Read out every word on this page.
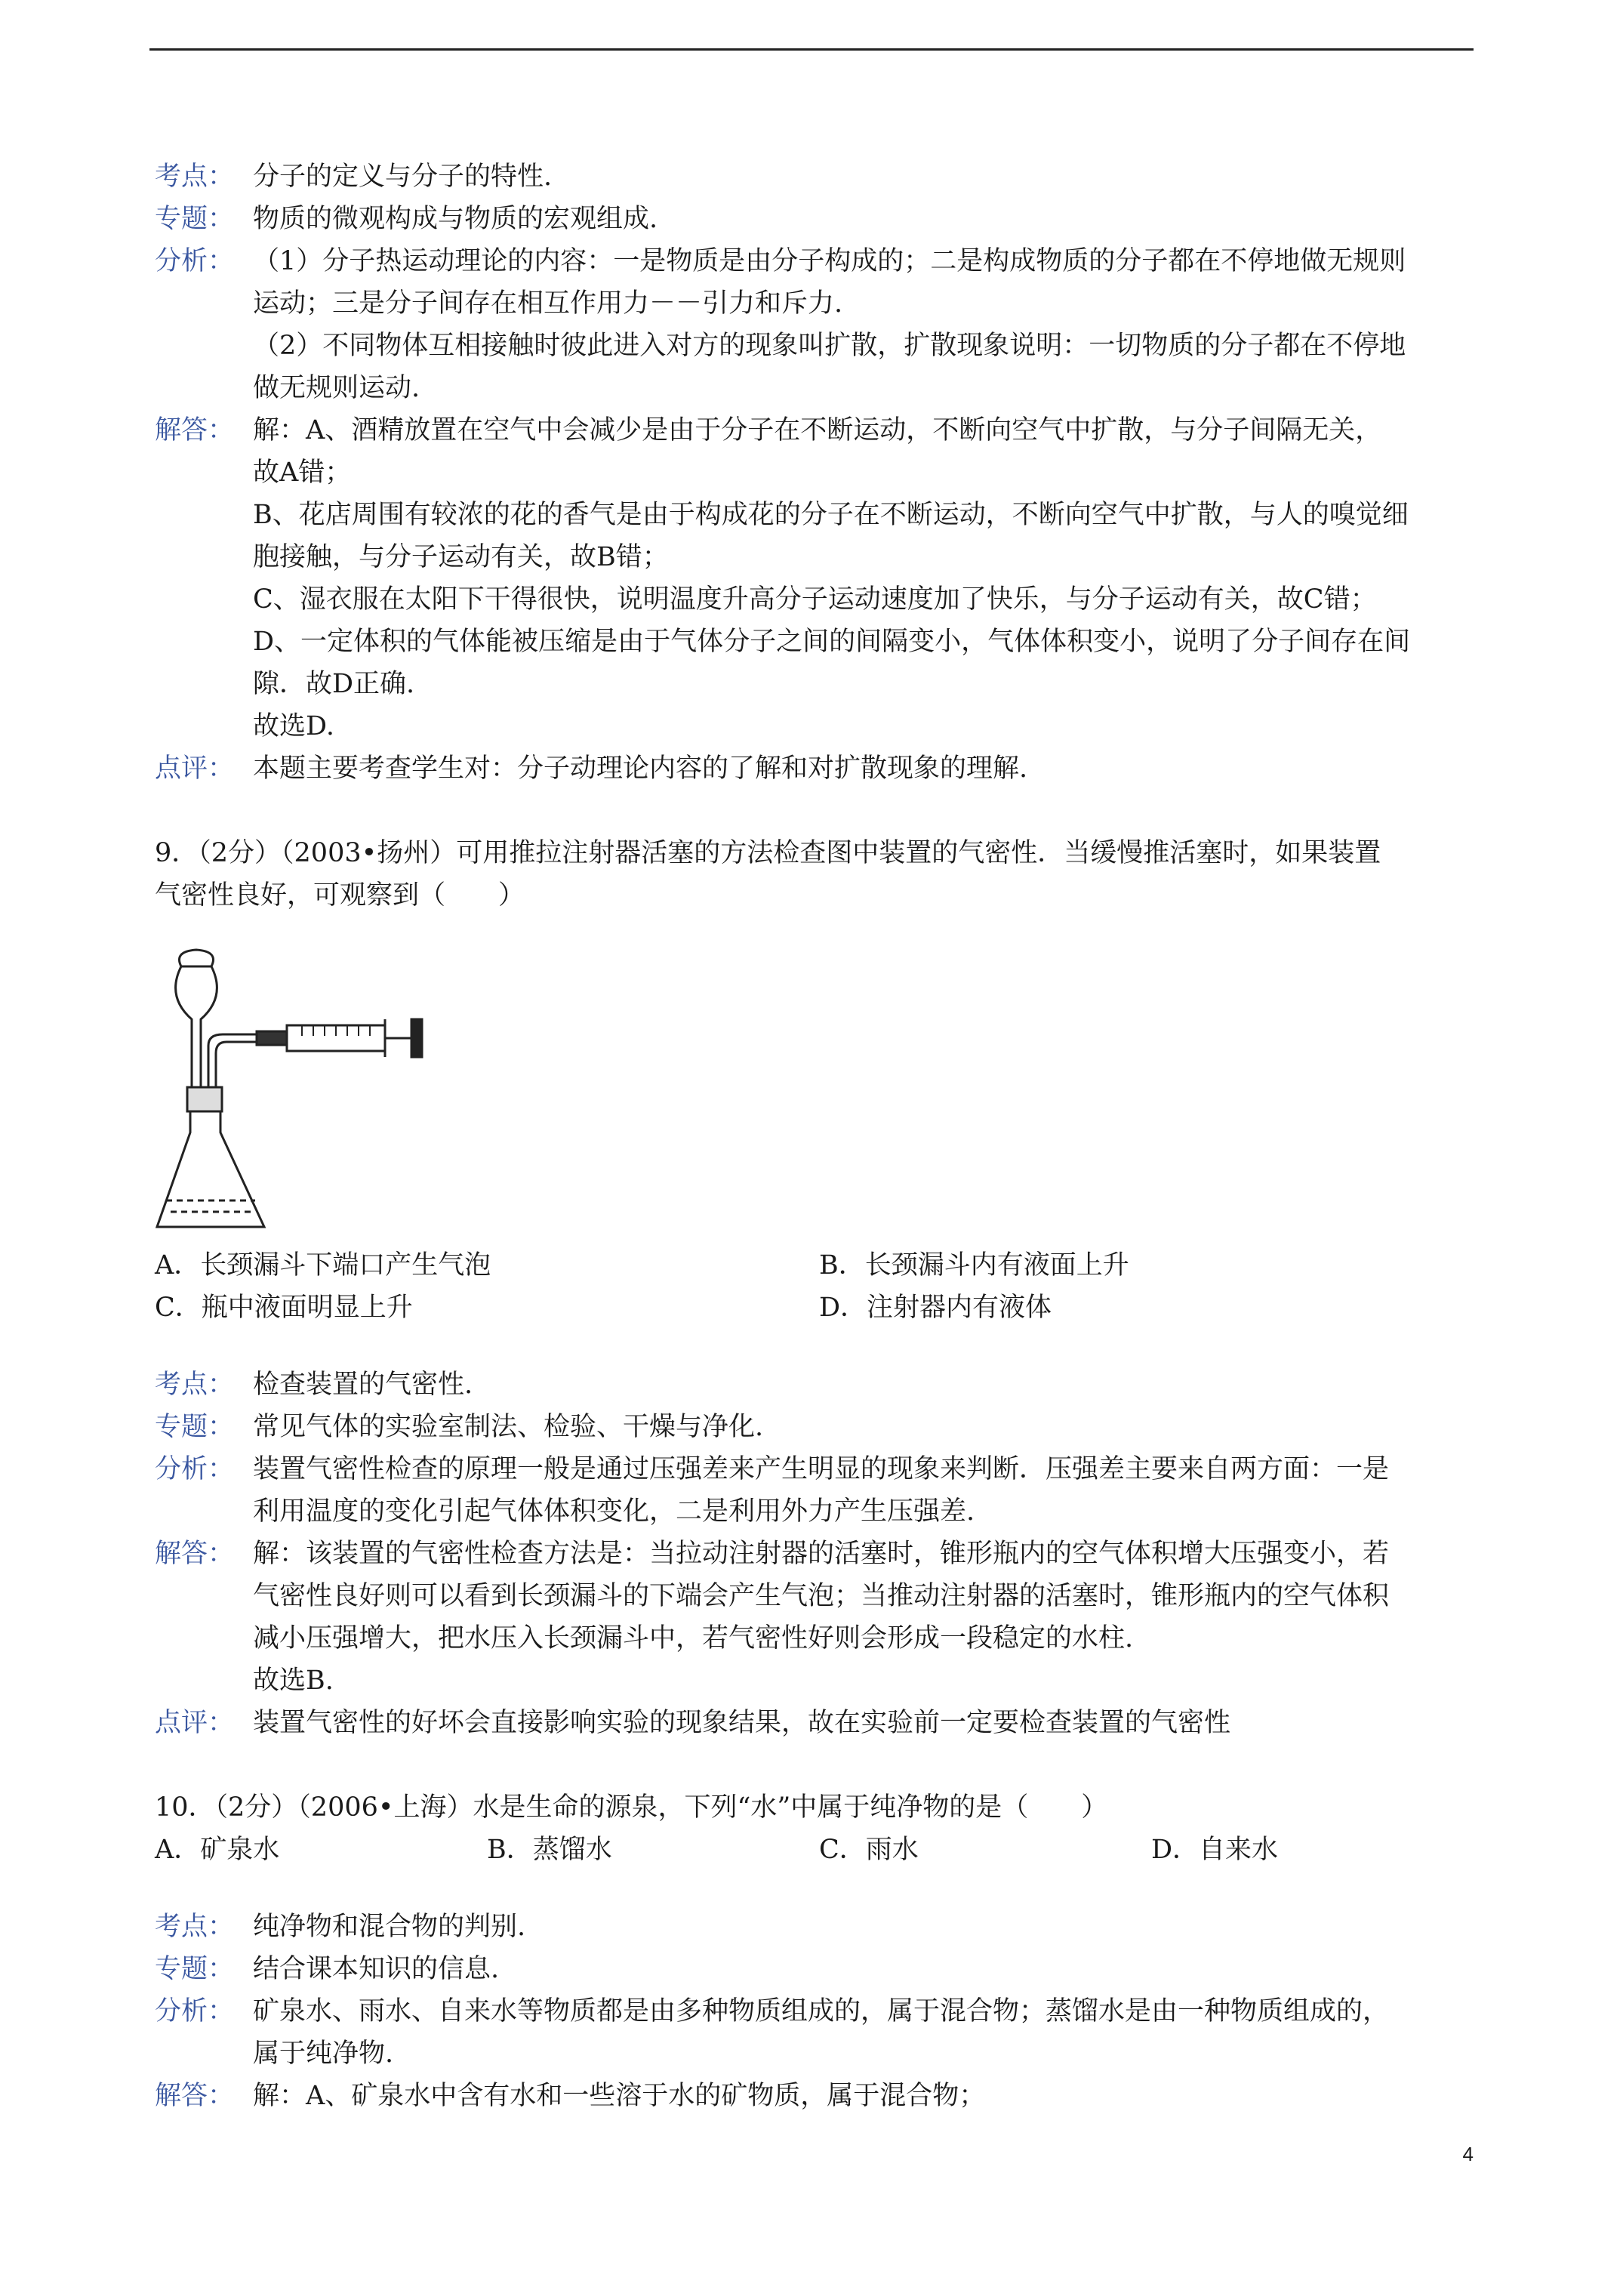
考点： 分子的定义与分子的特性.
专题： 物质的微观构成与物质的宏观组成.
分析： （1）分子热运动理论的内容：一是物质是由分子构成的；二是构成物质的分子都在不停地做无规则
运动；三是分子间存在相互作用力－－引力和斥力.
（2）不同物体互相接触时彼此进入对方的现象叫扩散，扩散现象说明：一切物质的分子都在不停地
做无规则运动.
解答： 解：A、酒精放置在空气中会减少是由于分子在不断运动，不断向空气中扩散，与分子间隔无关，
故A错；
B、花店周围有较浓的花的香气是由于构成花的分子在不断运动，不断向空气中扩散，与人的嗅觉细
胞接触，与分子运动有关，故B错；
C、湿衣服在太阳下干得很快，说明温度升高分子运动速度加了快乐，与分子运动有关，故C错；
D、一定体积的气体能被压缩是由于气体分子之间的间隔变小，气体体积变小，说明了分子间存在间
隙．故D正确.
故选D.
点评： 本题主要考查学生对：分子动理论内容的了解和对扩散现象的理解.
9．（2分）（2003•扬州）可用推拉注射器活塞的方法检查图中装置的气密性．当缓慢推活塞时，如果装置
气密性良好，可观察到（　　）
A．长颈漏斗下端口产生气泡	B．长颈漏斗内有液面上升
C．瓶中液面明显上升	D．注射器内有液体
考点： 检查装置的气密性.
专题： 常见气体的实验室制法、检验、干燥与净化.
分析： 装置气密性检查的原理一般是通过压强差来产生明显的现象来判断．压强差主要来自两方面：一是
利用温度的变化引起气体体积变化，二是利用外力产生压强差.
解答： 解：该装置的气密性检查方法是：当拉动注射器的活塞时，锥形瓶内的空气体积增大压强变小，若
气密性良好则可以看到长颈漏斗的下端会产生气泡；当推动注射器的活塞时，锥形瓶内的空气体积
减小压强增大，把水压入长颈漏斗中，若气密性好则会形成一段稳定的水柱.
故选B.
点评： 装置气密性的好坏会直接影响实验的现象结果，故在实验前一定要检查装置的气密性
10．（2分）（2006•上海）水是生命的源泉，下列“水”中属于纯净物的是（　　）
A．矿泉水	B．蒸馏水	C．雨水	D．自来水
考点： 纯净物和混合物的判别.
专题： 结合课本知识的信息.
分析： 矿泉水、雨水、自来水等物质都是由多种物质组成的，属于混合物；蒸馏水是由一种物质组成的，
属于纯净物.
解答： 解：A、矿泉水中含有水和一些溶于水的矿物质，属于混合物；
4
